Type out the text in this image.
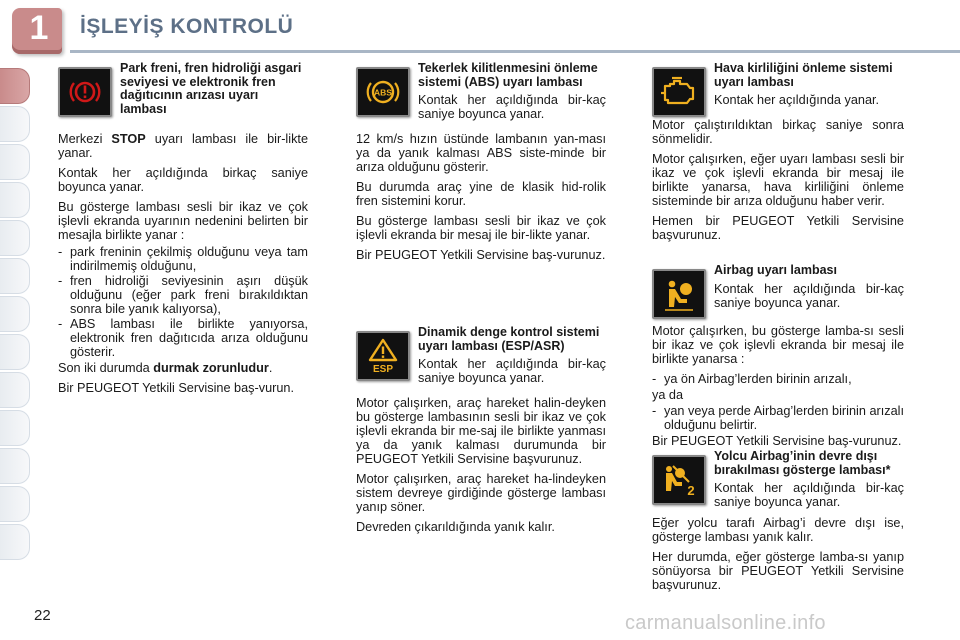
1	İŞLEYİŞ KONTROLÜ
Park freni, fren hidroliği asgari seviyesi ve elektronik fren dağıtıcının arızası uyarı lambası

Merkezi STOP uyarı lambası ile bir-likte yanar.

Kontak her açıldığında birkaç saniye boyunca yanar.

Bu gösterge lambası sesli bir ikaz ve çok işlevli ekranda uyarının nedenini belirten bir mesajla birlikte yanar :

- park freninin çekilmiş olduğunu veya tam indirilmemiş olduğunu,
- fren hidroliği seviyesinin aşırı düşük olduğunu (eğer park freni bırakıldıktan sonra bile yanık kalıyorsa),
- ABS lambası ile birlikte yanıyorsa, elektronik fren dağıtıcıda arıza olduğunu gösterir.

Son iki durumda durmak zorunludur.

Bir PEUGEOT Yetkili Servisine baş-vurun.

ABS
Tekerlek kilitlenmesini önleme sistemi (ABS) uyarı lambası
Kontak her açıldığında bir-kaç saniye boyunca yanar.

12 km/s hızın üstünde lambanın yan-ması ya da yanık kalması ABS siste-minde bir arıza olduğunu gösterir.

Bu durumda araç yine de klasik hid-rolik fren sistemini korur.

Bu gösterge lambası sesli bir ikaz ve çok işlevli ekranda bir mesaj ile bir-likte yanar.

Bir PEUGEOT Yetkili Servisine baş-vurunuz.

ESP
Dinamik denge kontrol sistemi uyarı lambası (ESP/ASR)
Kontak her açıldığında bir-kaç saniye boyunca yanar.

Motor çalışırken, araç hareket halin-deyken bu gösterge lambasının sesli bir ikaz ve çok işlevli ekranda bir me-saj ile birlikte yanması ya da yanık kalması durumunda bir PEUGEOT Yetkili Servisine başvurunuz.

Motor çalışırken, araç hareket ha-lindeyken sistem devreye girdiğinde gösterge lambası yanıp söner.

Devreden çıkarıldığında yanık kalır.

Hava kirliliğini önleme sistemi uyarı lambası
Kontak her açıldığında yanar.

Motor çalıştırıldıktan birkaç saniye sonra sönmelidir.

Motor çalışırken, eğer uyarı lambası sesli bir ikaz ve çok işlevli ekranda bir mesaj ile birlikte yanarsa, hava kirliliğini önleme sisteminde bir arıza olduğunu haber verir.

Hemen bir PEUGEOT Yetkili Servisine başvurunuz.

Airbag uyarı lambası
Kontak her açıldığında bir-kaç saniye boyunca yanar.

Motor çalışırken, bu gösterge lamba-sı sesli bir ikaz ve çok işlevli ekranda bir mesaj ile birlikte yanarsa :

- ya ön Airbag’lerden birinin arızalı,

ya da

- yan veya perde Airbag’lerden birinin arızalı olduğunu belirtir.

Bir PEUGEOT Yetkili Servisine baş-vurunuz.

2
Yolcu Airbag’inin devre dışı bırakılması gösterge lambası*
Kontak her açıldığında bir-kaç saniye boyunca yanar.

Eğer yolcu tarafı Airbag’i devre dışı ise, gösterge lambası yanık kalır.

Her durumda, eğer gösterge lamba-sı yanıp sönüyorsa bir PEUGEOT Yetkili Servisine başvurunuz.

22	carmanualsonline.info
